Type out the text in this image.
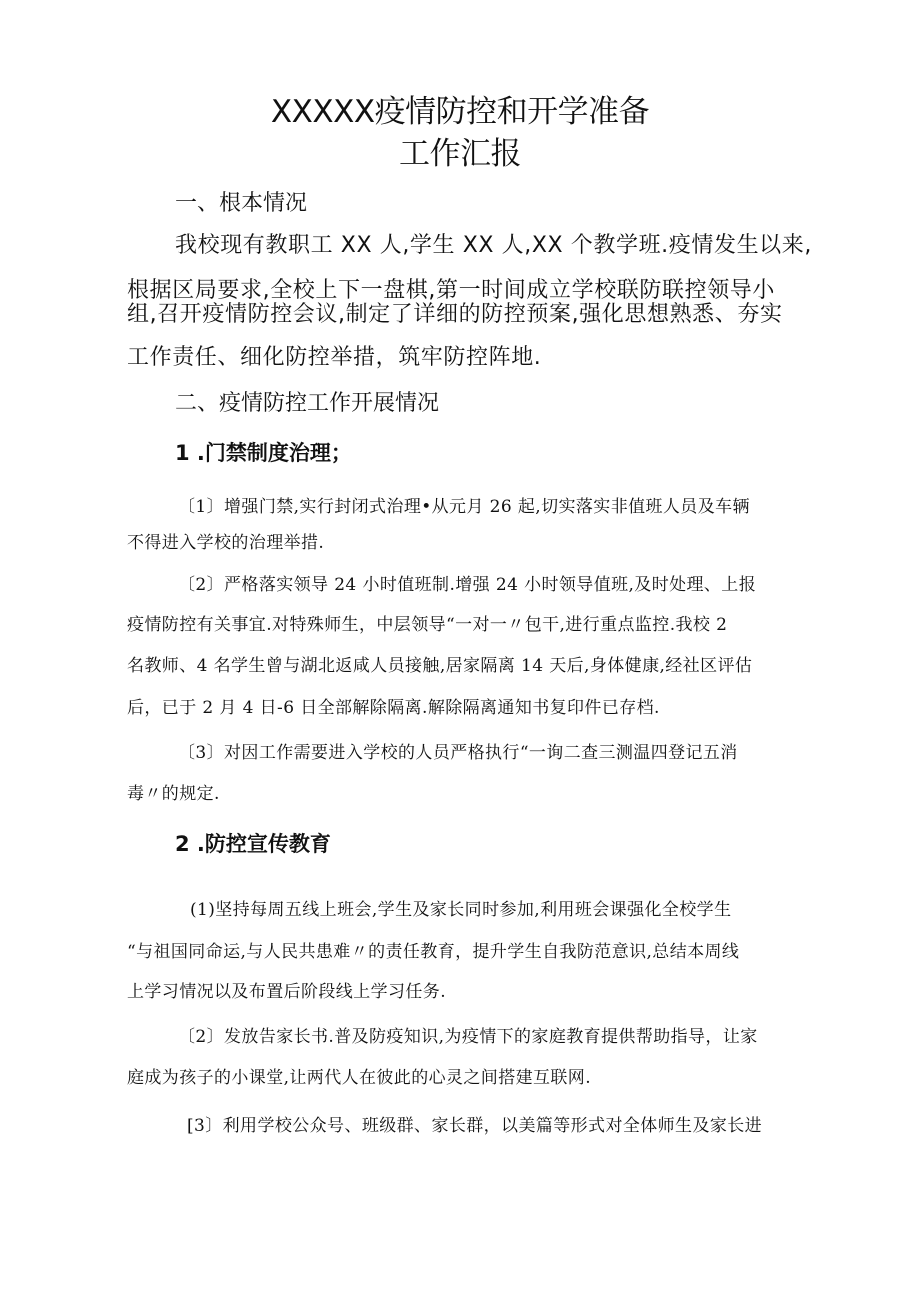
XXXXX疫情防控和开学准备
工作汇报
一、根本情况
我校现有教职工 XX 人,学生 XX 人,XX 个教学班.疫情发生以来,
根据区局要求,全校上下一盘棋,第一时间成立学校联防联控领导小
组,召开疫情防控会议,制定了详细的防控预案,强化思想熟悉、夯实
工作责任、细化防控举措，筑牢防控阵地.
二、疫情防控工作开展情况
1 .门禁制度治理；
〔1〕增强门禁,实行封闭式治理•从元月 26 起,切实落实非值班人员及车辆
不得进入学校的治理举措.
〔2〕严格落实领导 24 小时值班制.增强 24 小时领导值班,及时处理、上报
疫情防控有关事宜.对特殊师生，中层领导“一对一〃包干,进行重点监控.我校 2
名教师、4 名学生曾与湖北返咸人员接触,居家隔离 14 天后,身体健康,经社区评估
后，已于 2 月 4 日-6 日全部解除隔离.解除隔离通知书复印件已存档.
〔3〕对因工作需要进入学校的人员严格执行“一询二查三测温四登记五消
毒〃的规定.
2 .防控宣传教育
(1)坚持每周五线上班会,学生及家长同时参加,利用班会课强化全校学生
“与祖国同命运,与人民共患难〃的责任教育，提升学生自我防范意识,总结本周线
上学习情况以及布置后阶段线上学习任务.
〔2〕发放告家长书.普及防疫知识,为疫情下的家庭教育提供帮助指导，让家
庭成为孩子的小课堂,让两代人在彼此的心灵之间搭建互联网.
[3〕利用学校公众号、班级群、家长群，以美篇等形式对全体师生及家长进
